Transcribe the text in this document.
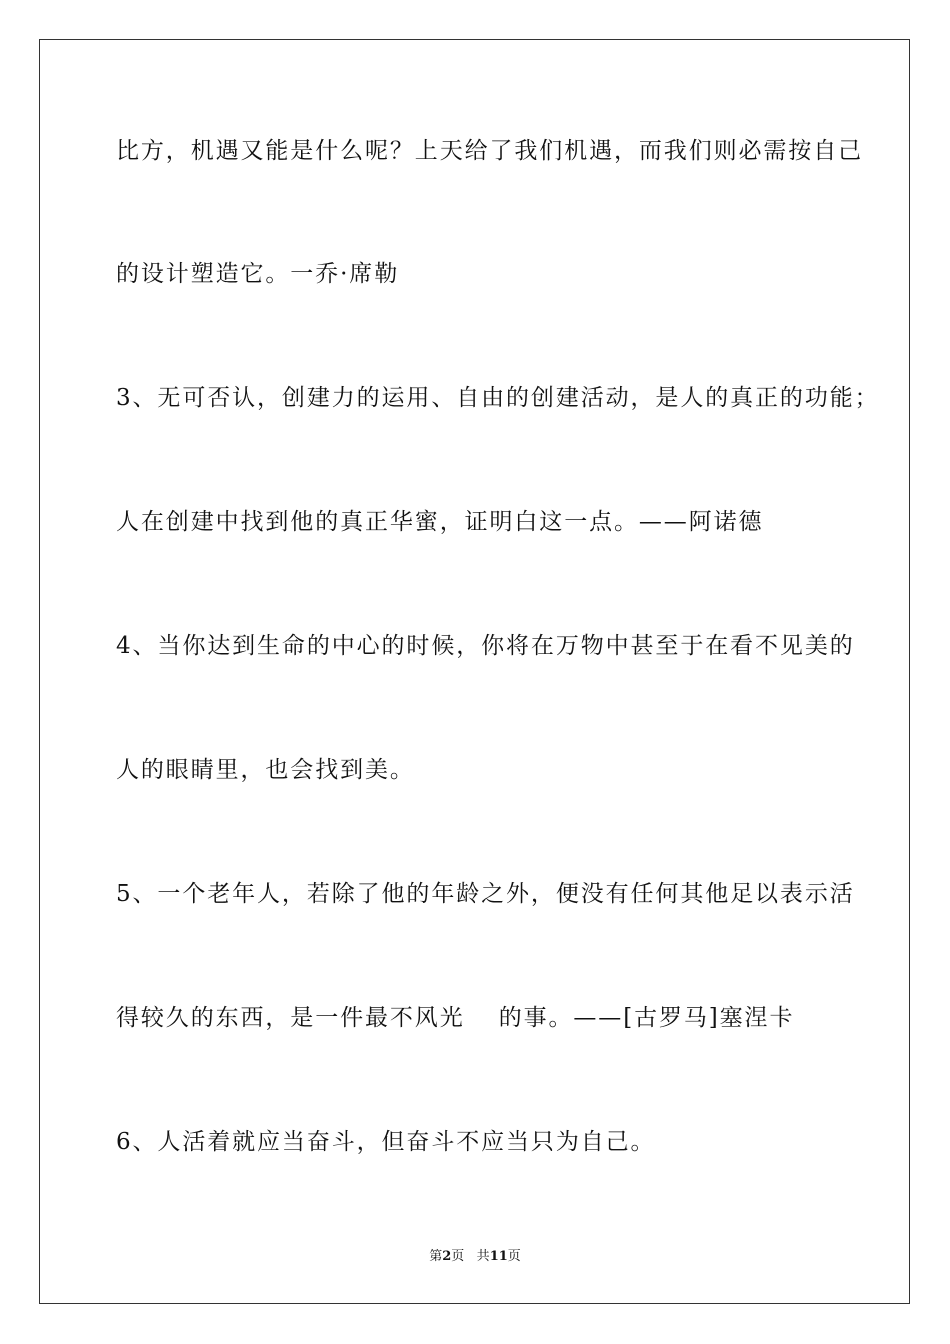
比方，机遇又能是什么呢？上天给了我们机遇，而我们则必需按自己

的设计塑造它。一乔·席勒

3、无可否认，创建力的运用、自由的创建活动，是人的真正的功能；

人在创建中找到他的真正华蜜，证明白这一点。——阿诺德

4、当你达到生命的中心的时候，你将在万物中甚至于在看不见美的

人的眼睛里，也会找到美。

5、一个老年人，若除了他的年龄之外，便没有任何其他足以表示活

得较久的东西，是一件最不风光　 的事。——[古罗马]塞涅卡

6、人活着就应当奋斗，但奋斗不应当只为自己。

第2页 共11页
